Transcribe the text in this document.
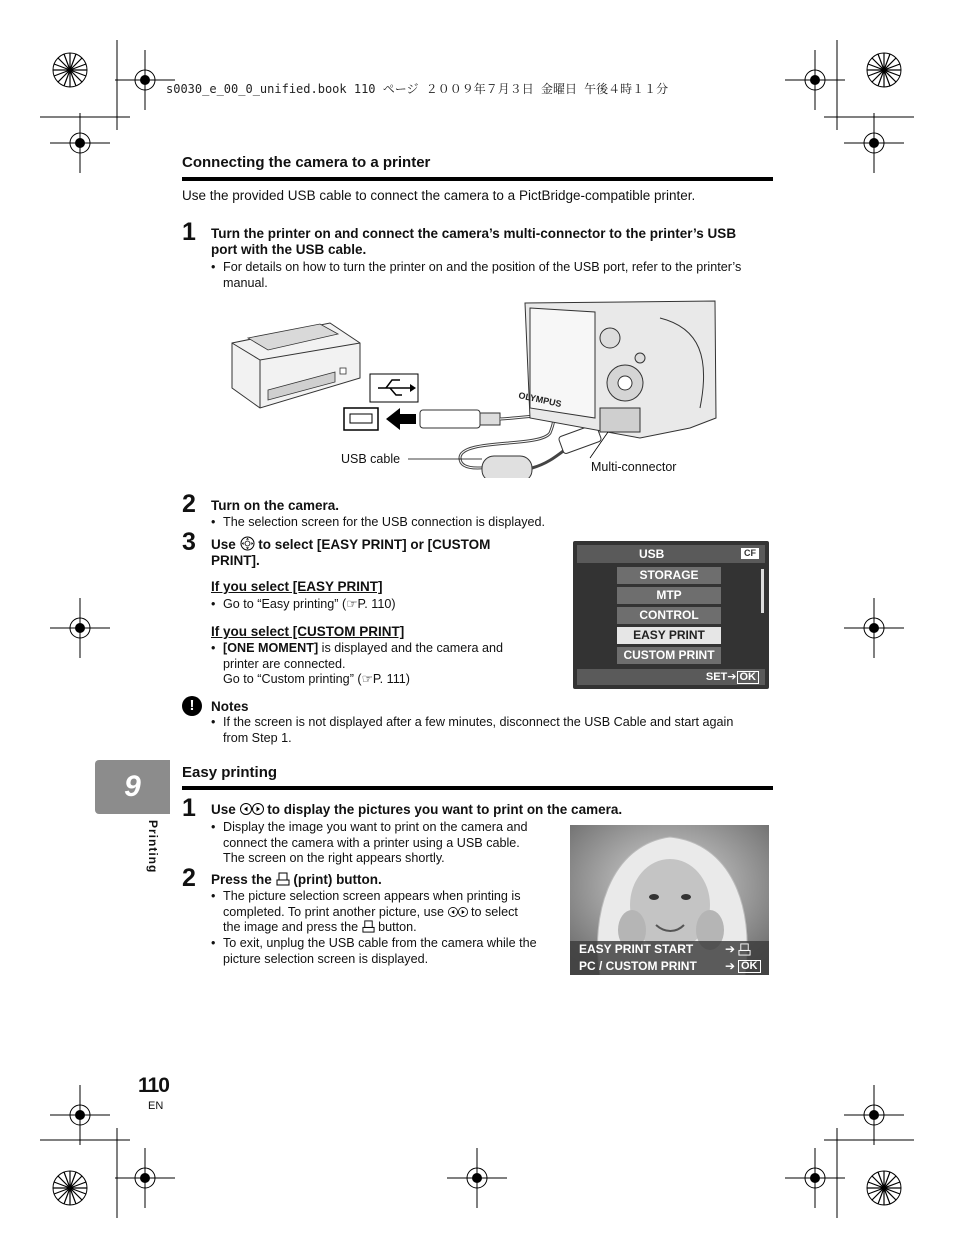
s0030_e_00_0_unified.book 110 ページ ２００９年７月３日 金曜日 午後４時１１分
Connecting the camera to a printer
Use the provided USB cable to connect the camera to a PictBridge-compatible printer.
1 Turn the printer on and connect the camera’s multi-connector to the printer’s USB
port with the USB cable.
• For details on how to turn the printer on and the position of the USB port, refer to the printer’s
manual.
OLYMPUS
USB cable
Multi-connector
2 Turn on the camera.
• The selection screen for the USB connection is displayed.
3 Use to select [EASY PRINT] or [CUSTOM
PRINT].
If you select [EASY PRINT]
• Go to “Easy printing” (☞P. 110)
If you select [CUSTOM PRINT]
• [ONE MOMENT] is displayed and the camera and
printer are connected.
Go to “Custom printing” (☞P. 111)
USB	CF
STORAGE
MTP
CONTROL
EASY PRINT
CUSTOM PRINT
SET➔ OK
!	Notes
• If the screen is not displayed after a few minutes, disconnect the USB Cable and start again
from Step 1.
9
Printing
Easy printing
1 Use to display the pictures you want to print on the camera.
• Display the image you want to print on the camera and
connect the camera with a printer using a USB cable.
The screen on the right appears shortly.
2 Press the (print) button.
• The picture selection screen appears when printing is
completed. To print another picture, use to select
the image and press the button.
• To exit, unplug the USB cable from the camera while the
picture selection screen is displayed.
EASY PRINT START	➔
PC / CUSTOM PRINT ➔ OK
110
EN
